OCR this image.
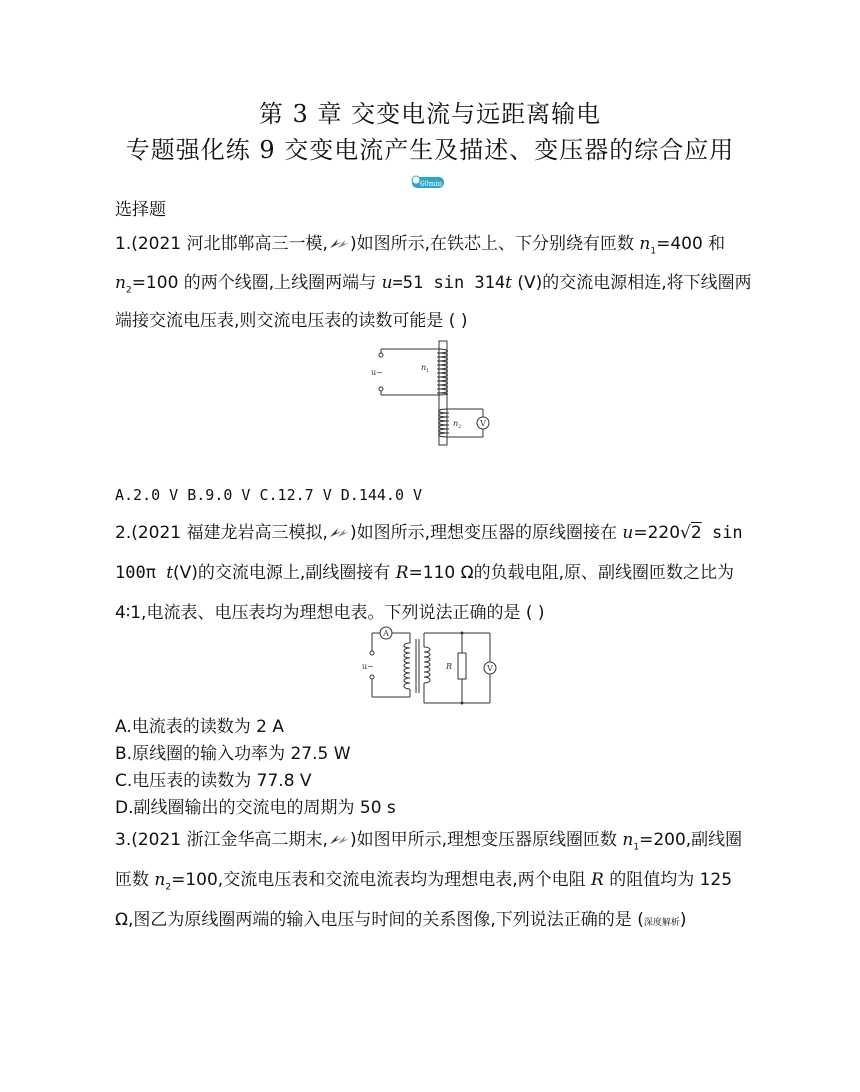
第 3 章 交变电流与远距离输电
专题强化练 9 交变电流产生及描述、变压器的综合应用
60min
选择题
1.(2021 河北邯郸高三一模, )如图所示,在铁芯上、下分别绕有匝数 $n_1=400$ 和
$n_2=100$ 的两个线圈,上线圈两端与 u=51 sin 314t (V)的交流电源相连,将下线圈两
端接交流电压表,则交流电压表的读数可能是 ( )
u~
n 1
n 2 V
A.2.0 V B.9.0 V C.12.7 V D.144.0 V
2.(2021 福建龙岩高三模拟, )如图所示,理想变压器的原线圈接在 u=220√2 sin
100π t(V)的交流电源上,副线圈接有 R=110 Ω的负载电阻,原、副线圈匝数之比为
4∶1,电流表、电压表均为理想电表。下列说法正确的是 ( )
A
u~	R	V
A.电流表的读数为 2 A
B.原线圈的输入功率为 27.5 W
C.电压表的读数为 77.8 V
D.副线圈输出的交流电的周期为 50 s
3.(2021 浙江金华高二期末, )如图甲所示,理想变压器原线圈匝数 $n_1=200$,副线圈
匝数 $n_2=100$,交流电压表和交流电流表均为理想电表,两个电阻 R 的阻值均为 125
Ω,图乙为原线圈两端的输入电压与时间的关系图像,下列说法正确的是 (深度解析)
